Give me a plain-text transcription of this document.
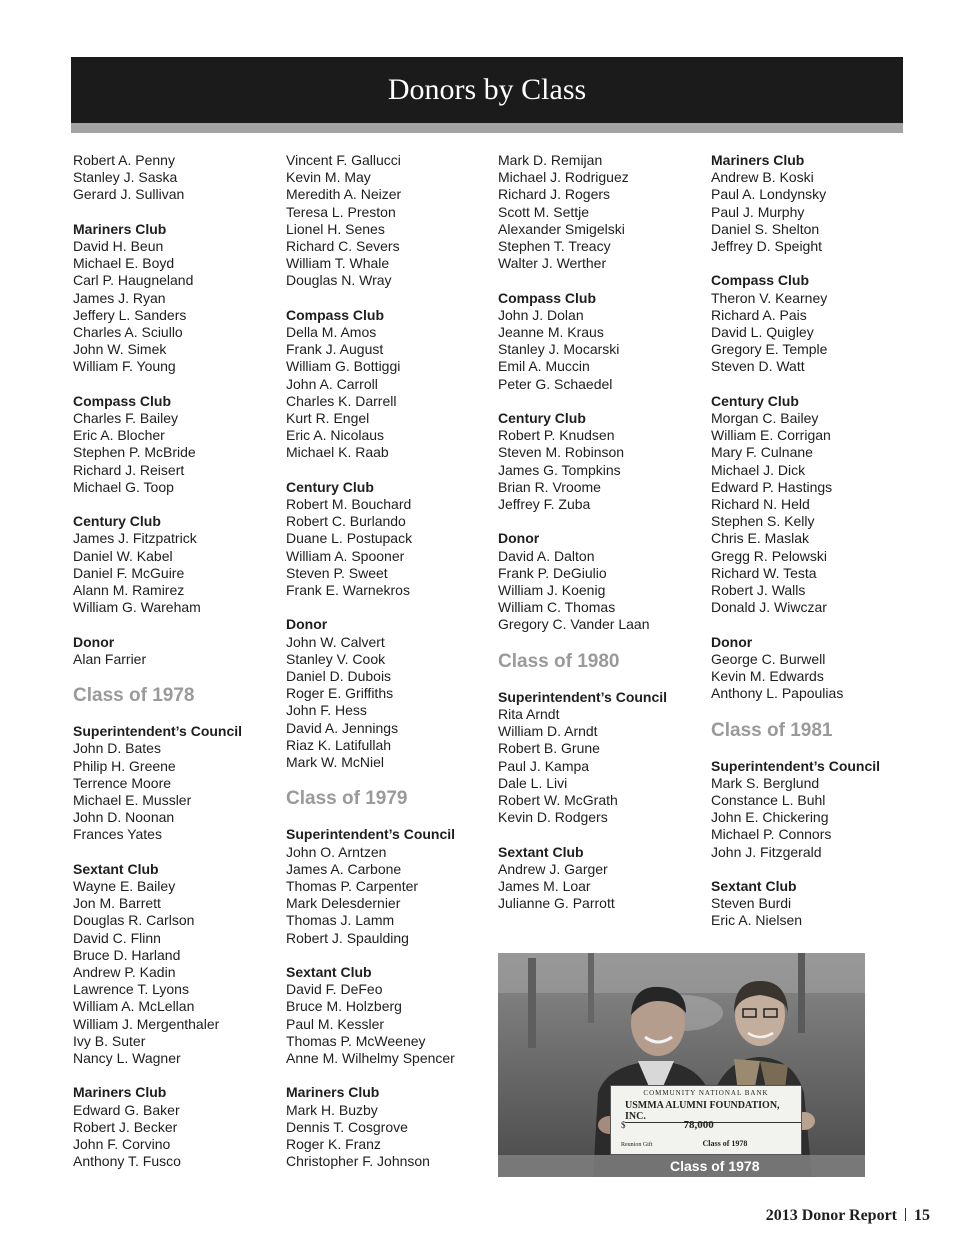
Donors by Class
Robert A. Penny
Stanley J. Saska
Gerard J. Sullivan
Mariners Club
David H. Beun
Michael E. Boyd
Carl P. Haugneland
James J. Ryan
Jeffery L. Sanders
Charles A. Sciullo
John W. Simek
William F. Young
Compass Club
Charles F. Bailey
Eric A. Blocher
Stephen P. McBride
Richard J. Reisert
Michael G. Toop
Century Club
James J. Fitzpatrick
Daniel W. Kabel
Daniel F. McGuire
Alann M. Ramirez
William G. Wareham
Donor
Alan Farrier
Class of 1978
Superintendent’s Council
John D. Bates
Philip H. Greene
Terrence Moore
Michael E. Mussler
John D. Noonan
Frances Yates
Sextant Club
Wayne E. Bailey
Jon M. Barrett
Douglas R. Carlson
David C. Flinn
Bruce D. Harland
Andrew P. Kadin
Lawrence T. Lyons
William A. McLellan
William J. Mergenthaler
Ivy B. Suter
Nancy L. Wagner
Mariners Club
Edward G. Baker
Robert J. Becker
John F. Corvino
Anthony T. Fusco
Vincent F. Gallucci
Kevin M. May
Meredith A. Neizer
Teresa L. Preston
Lionel H. Senes
Richard C. Severs
William T. Whale
Douglas N. Wray
Compass Club
Della M. Amos
Frank J. August
William G. Bottiggi
John A. Carroll
Charles K. Darrell
Kurt R. Engel
Eric A. Nicolaus
Michael K. Raab
Century Club
Robert M. Bouchard
Robert C. Burlando
Duane L. Postupack
William A. Spooner
Steven P. Sweet
Frank E. Warnekros
Donor
John W. Calvert
Stanley V. Cook
Daniel D. Dubois
Roger E. Griffiths
John F. Hess
David A. Jennings
Riaz K. Latifullah
Mark W. McNiel
Class of 1979
Superintendent’s Council
John O. Arntzen
James A. Carbone
Thomas P. Carpenter
Mark Delesdernier
Thomas J. Lamm
Robert J. Spaulding
Sextant Club
David F. DeFeo
Bruce M. Holzberg
Paul M. Kessler
Thomas P. McWeeney
Anne M. Wilhelmy Spencer
Mariners Club
Mark H. Buzby
Dennis T. Cosgrove
Roger K. Franz
Christopher F. Johnson
Mark D. Remijan
Michael J. Rodriguez
Richard J. Rogers
Scott M. Settje
Alexander Smigelski
Stephen T. Treacy
Walter J. Werther
Compass Club
John J. Dolan
Jeanne M. Kraus
Stanley J. Mocarski
Emil A. Muccin
Peter G. Schaedel
Century Club
Robert P. Knudsen
Steven M. Robinson
James G. Tompkins
Brian R. Vroome
Jeffrey F. Zuba
Donor
David A. Dalton
Frank P. DeGiulio
William J. Koenig
William C. Thomas
Gregory C. Vander Laan
Class of 1980
Superintendent’s Council
Rita Arndt
William D. Arndt
Robert B. Grune
Paul J. Kampa
Dale L. Livi
Robert W. McGrath
Kevin D. Rodgers
Sextant Club
Andrew J. Garger
James M. Loar
Julianne G. Parrott
Mariners Club
Andrew B. Koski
Paul A. Londynsky
Paul J. Murphy
Daniel S. Shelton
Jeffrey D. Speight
Compass Club
Theron V. Kearney
Richard A. Pais
David L. Quigley
Gregory E. Temple
Steven D. Watt
Century Club
Morgan C. Bailey
William E. Corrigan
Mary F. Culnane
Michael J. Dick
Edward P. Hastings
Richard N. Held
Stephen S. Kelly
Chris E. Maslak
Gregg R. Pelowski
Richard W. Testa
Robert J. Walls
Donald J. Wiwczar
Donor
George C. Burwell
Kevin M. Edwards
Anthony L. Papoulias
Class of 1981
Superintendent’s Council
Mark S. Berglund
Constance L. Buhl
John E. Chickering
Michael P. Connors
John J. Fitzgerald
Sextant Club
Steven Burdi
Eric A. Nielsen
COMMUNITY NATIONAL BANK
USMMA ALUMNI FOUNDATION, INC.
$	78,000
Reunion Gift	Class of 1978
Class of 1978
2013 Donor Report 15
